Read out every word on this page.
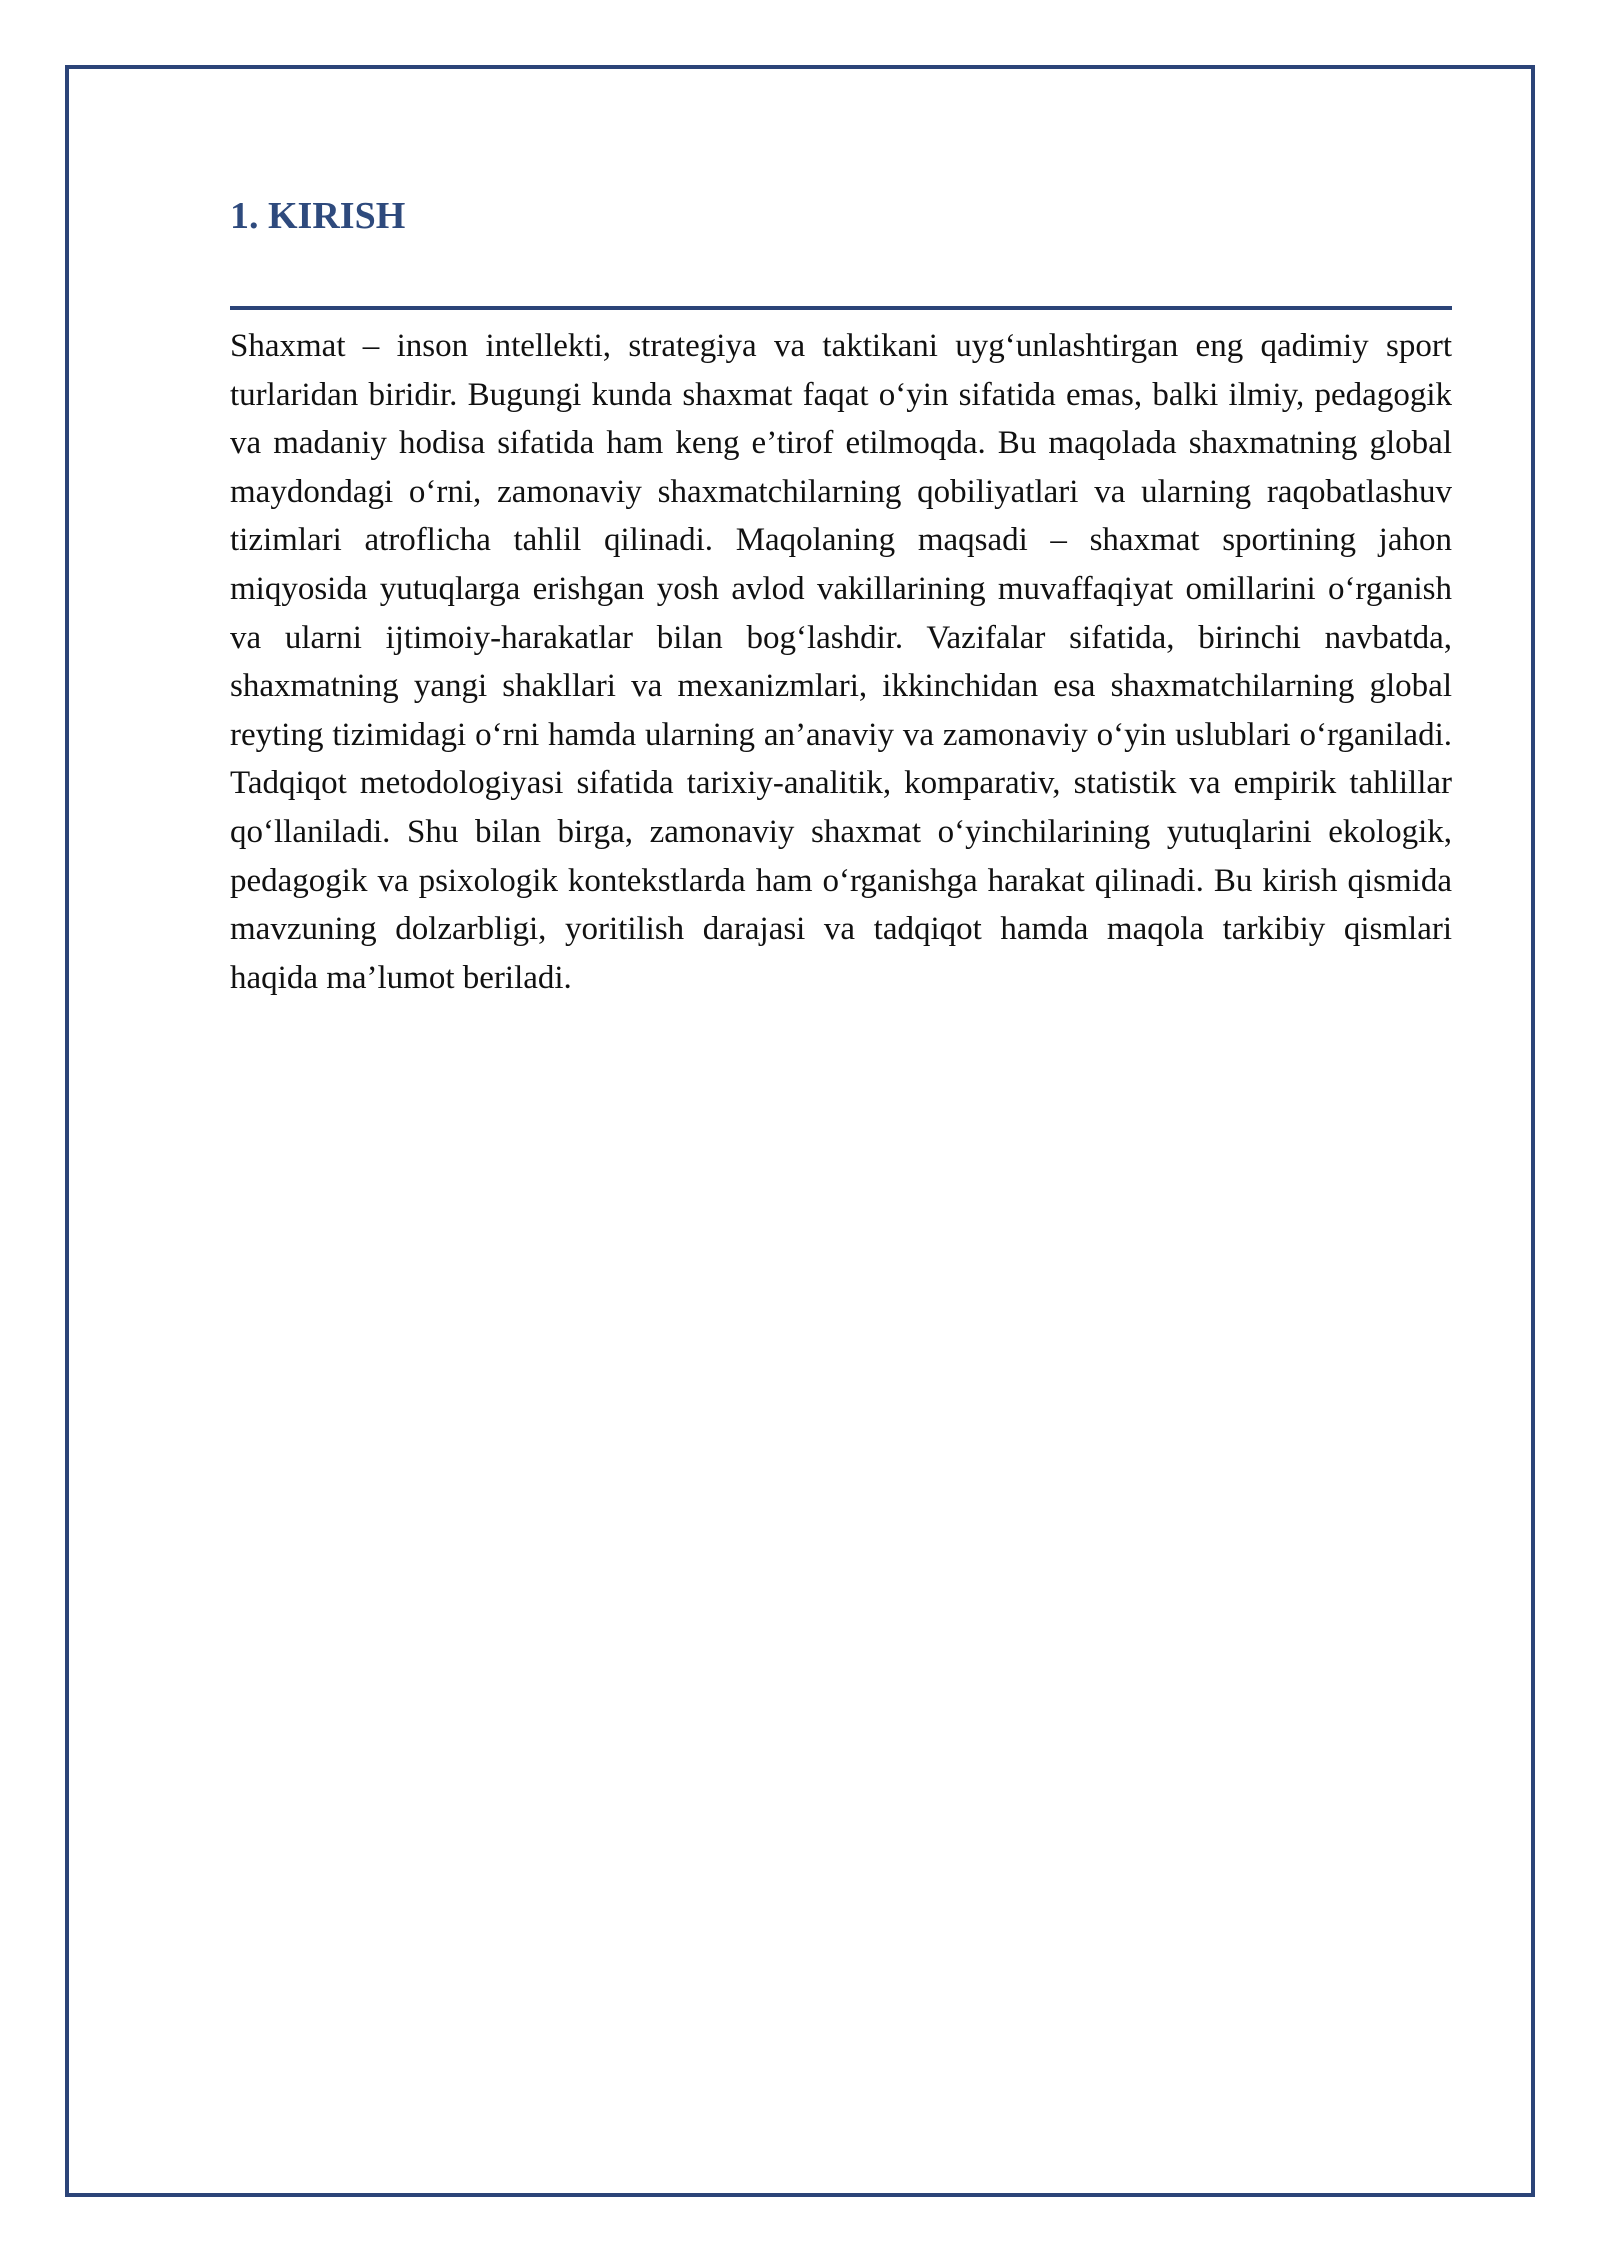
1. KIRISH

Shaxmat – inson intellekti, strategiya va taktikani uyg‘unlashtirgan eng qadimiy sport turlaridan biridir. Bugungi kunda shaxmat faqat o‘yin sifatida emas, balki ilmiy, pedagogik va madaniy hodisa sifatida ham keng e’tirof etilmoqda. Bu maqolada shaxmatning global maydondagi o‘rni, zamonaviy shaxmatchilarning qobiliyatlari va ularning raqobatlashuv tizimlari atroflicha tahlil qilinadi. Maqolaning maqsadi – shaxmat sportining jahon miqyosida yutuqlarga erishgan yosh avlod vakillarining muvaffaqiyat omillarini o‘rganish va ularni ijtimoiy-harakatlar bilan bog‘lashdir. Vazifalar sifatida, birinchi navbatda, shaxmatning yangi shakllari va mexanizmlari, ikkinchidan esa shaxmatchilarning global reyting tizimidagi o‘rni hamda ularning an’anaviy va zamonaviy o‘yin uslublari o‘rganiladi. Tadqiqot metodologiyasi sifatida tarixiy-analitik, komparativ, statistik va empirik tahlillar qo‘llaniladi. Shu bilan birga, zamonaviy shaxmat o‘yinchilarining yutuqlarini ekologik, pedagogik va psixologik kontekstlarda ham o‘rganishga harakat qilinadi. Bu kirish qismida mavzuning dolzarbligi, yoritilish darajasi va tadqiqot hamda maqola tarkibiy qismlari haqida ma’lumot beriladi.
